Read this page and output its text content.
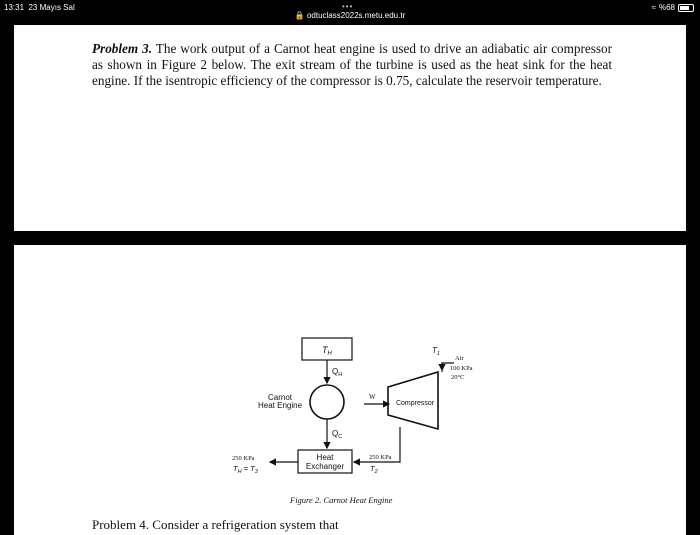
13:31 23 Mayıs Sal	•••	≈ %68
🔒 odtuclass2022s.metu.edu.tr
Problem 3. The work output of a Carnot heat engine is used to drive an adiabatic air compressor as shown in Figure 2 below. The exit stream of the turbine is used as the heat sink for the heat engine. If the isentropic efficiency of the compressor is 0.75, calculate the reservoir temperature.
$T_H$
$Q_H$
Carnot
Heat Engine
$Q_C$
Heat
Exchanger
W
Compressor
$T_1$
Air
100 KPa
20°C
250 KPa
$T_2$
250 KPa
$T_H = T_3$
Figure 2. Carnot Heat Engine
Problem 4. Consider a refrigeration system that
